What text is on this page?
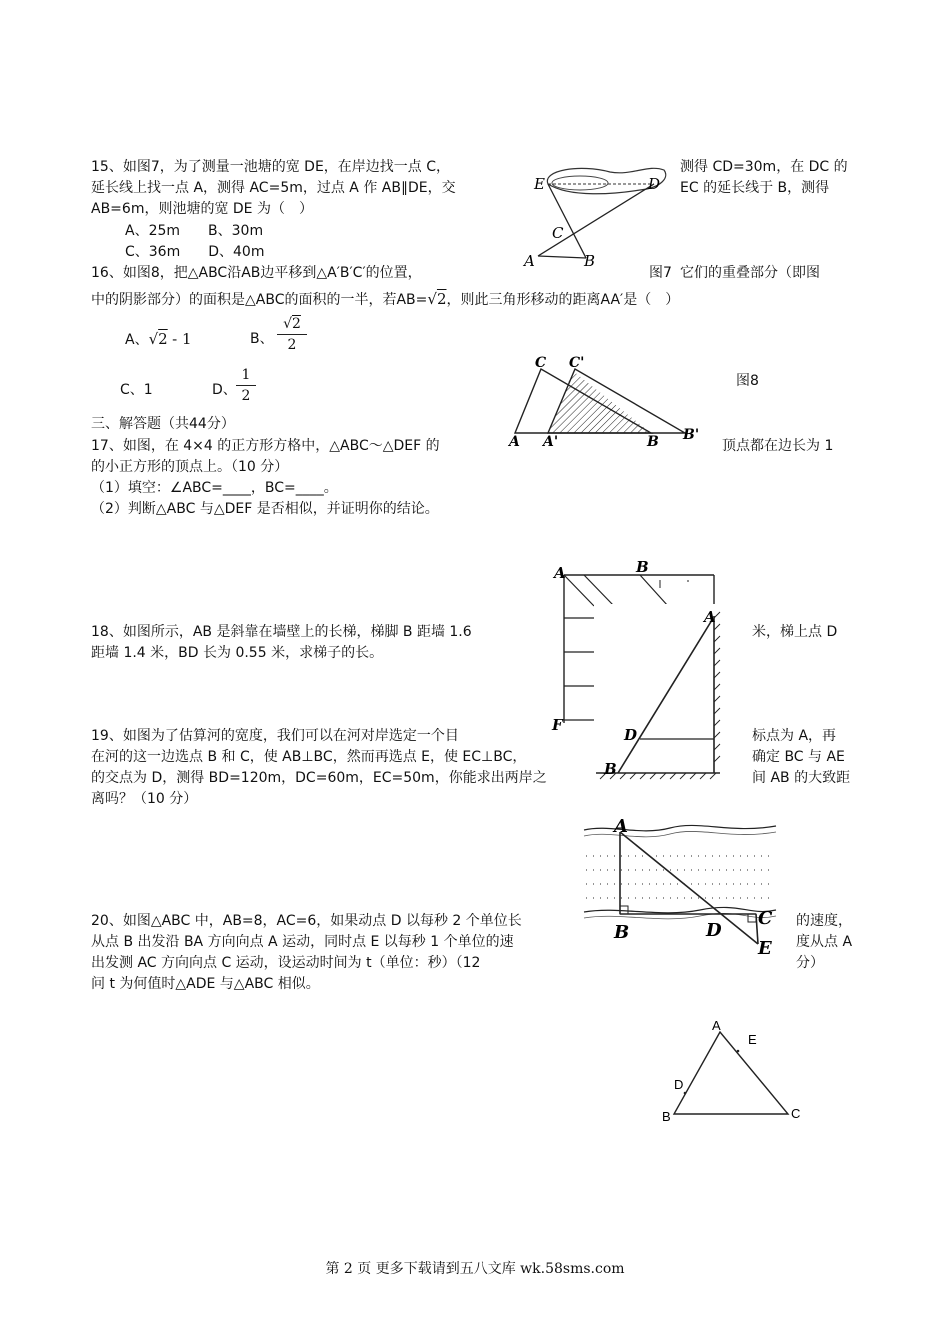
15、如图7，为了测量一池塘的宽 DE，在岸边找一点 C，	测得 CD=30m，在 DC 的
延长线上找一点 A，测得 AC=5m，过点 A 作 AB∥DE，交	EC 的延长线于 B，测得
AB=6m，则池塘的宽 DE 为（　）
A、25m　　B、30m
C、36m　　D、40m
E	D
C
A	B
16、如图8，把△ABC沿AB边平移到△A′B′C′的位置，	图7 它们的重叠部分（即图
中的阴影部分）的面积是△ABC的面积的一半，若AB=√2，则此三角形移动的距离AA′是（　）
A、√2 - 1	B、 $\frac{√2}{2}$
C、1	D、 $\frac{1}{2}$
C C'
A A'	B B'
图8
三、解答题（共44分）
17、如图，在 4×4 的正方形方格中，△ABC～△DEF 的	顶点都在边长为 1
的小正方形的顶点上。（10 分）
（1）填空：∠ABC=____，BC=____。
（2）判断△ABC 与△DEF 是否相似，并证明你的结论。
A	B
F
A
D
B
18、如图所示，AB 是斜靠在墙壁上的长梯，梯脚 B 距墙 1.6	米，梯上点 D
距墙 1.4 米，BD 长为 0.55 米，求梯子的长。
19、如图为了估算河的宽度，我们可以在河对岸选定一个目	标点为 A，再
在河的这一边选点 B 和 C，使 AB⊥BC，然而再选点 E，使 EC⊥BC，	确定 BC 与 AE
的交点为 D，测得 BD=120m，DC=60m，EC=50m，你能求出两岸之	间 AB 的大致距
离吗？（10 分）
A
B	D
C
E
20、如图△ABC 中，AB=8，AC=6，如果动点 D 以每秒 2 个单位长	的速度，
从点 B 出发沿 BA 方向向点 A 运动，同时点 E 以每秒 1 个单位的速	度从点 A
出发测 AC 方向向点 C 运动，设运动时间为 t（单位：秒）（12	分）
问 t 为何值时△ADE 与△ABC 相似。
A
E
D
B	C
第 2 页 更多下载请到五八文库 wk.58sms.com
